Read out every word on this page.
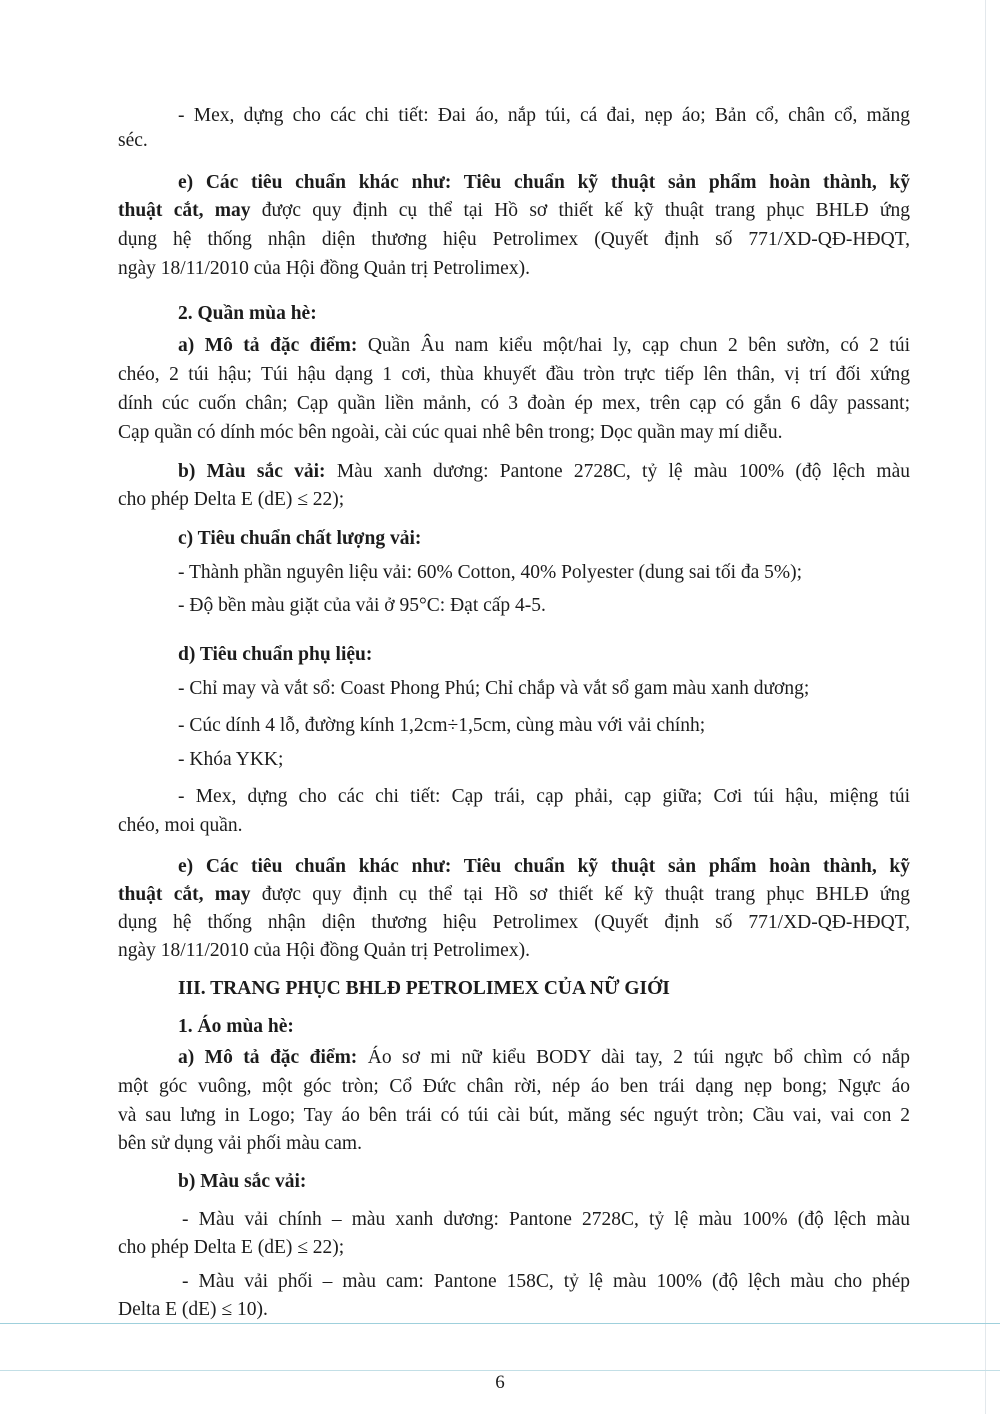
- Mex, dựng cho các chi tiết: Đai áo, nắp túi, cá đai, nẹp áo; Bản cổ, chân cổ, măng
séc.
e) Các tiêu chuẩn khác như: Tiêu chuẩn kỹ thuật sản phẩm hoàn thành, kỹ
thuật cắt, may được quy định cụ thể tại Hồ sơ thiết kế kỹ thuật trang phục BHLĐ ứng
dụng hệ thống nhận diện thương hiệu Petrolimex (Quyết định số 771/XD-QĐ-HĐQT,
ngày 18/11/2010 của Hội đồng Quản trị Petrolimex).
2. Quần mùa hè:
a) Mô tả đặc điểm: Quần Âu nam kiểu một/hai ly, cạp chun 2 bên sườn, có 2 túi
chéo, 2 túi hậu; Túi hậu dạng 1 cơi, thùa khuyết đầu tròn trực tiếp lên thân, vị trí đối xứng
dính cúc cuốn chân; Cạp quần liền mảnh, có 3 đoàn ép mex, trên cạp có gắn 6 dây passant;
Cạp quần có dính móc bên ngoài, cài cúc quai nhê bên trong; Dọc quần may mí diễu.
b) Màu sắc vải: Màu xanh dương: Pantone 2728C, tỷ lệ màu 100% (độ lệch màu
cho phép Delta E (dE) ≤ 22);
c) Tiêu chuẩn chất lượng vải:
- Thành phần nguyên liệu vải: 60% Cotton, 40% Polyester (dung sai tối đa 5%);
- Độ bền màu giặt của vải ở 95°C: Đạt cấp 4-5.
d) Tiêu chuẩn phụ liệu:
- Chỉ may và vắt sổ: Coast Phong Phú; Chỉ chắp và vắt sổ gam màu xanh dương;
- Cúc dính 4 lỗ, đường kính 1,2cm÷1,5cm, cùng màu với vải chính;
- Khóa YKK;
- Mex, dựng cho các chi tiết: Cạp trái, cạp phải, cạp giữa; Cơi túi hậu, miệng túi
chéo, moi quần.
e) Các tiêu chuẩn khác như: Tiêu chuẩn kỹ thuật sản phẩm hoàn thành, kỹ
thuật cắt, may được quy định cụ thể tại Hồ sơ thiết kế kỹ thuật trang phục BHLĐ ứng
dụng hệ thống nhận diện thương hiệu Petrolimex (Quyết định số 771/XD-QĐ-HĐQT,
ngày 18/11/2010 của Hội đồng Quản trị Petrolimex).
III. TRANG PHỤC BHLĐ PETROLIMEX CỦA NỮ GIỚI
1. Áo mùa hè:
a) Mô tả đặc điểm: Áo sơ mi nữ kiểu BODY dài tay, 2 túi ngực bổ chìm có nắp
một góc vuông, một góc tròn; Cổ Đức chân rời, nép áo ben trái dạng nẹp bong; Ngực áo
và sau lưng in Logo; Tay áo bên trái có túi cài bút, măng séc nguýt tròn; Cầu vai, vai con 2
bên sử dụng vải phối màu cam.
b) Màu sắc vải:
- Màu vải chính – màu xanh dương: Pantone 2728C, tỷ lệ màu 100% (độ lệch màu
cho phép Delta E (dE) ≤ 22);
- Màu vải phối – màu cam: Pantone 158C, tỷ lệ màu 100% (độ lệch màu cho phép
Delta E (dE) ≤ 10).
6
